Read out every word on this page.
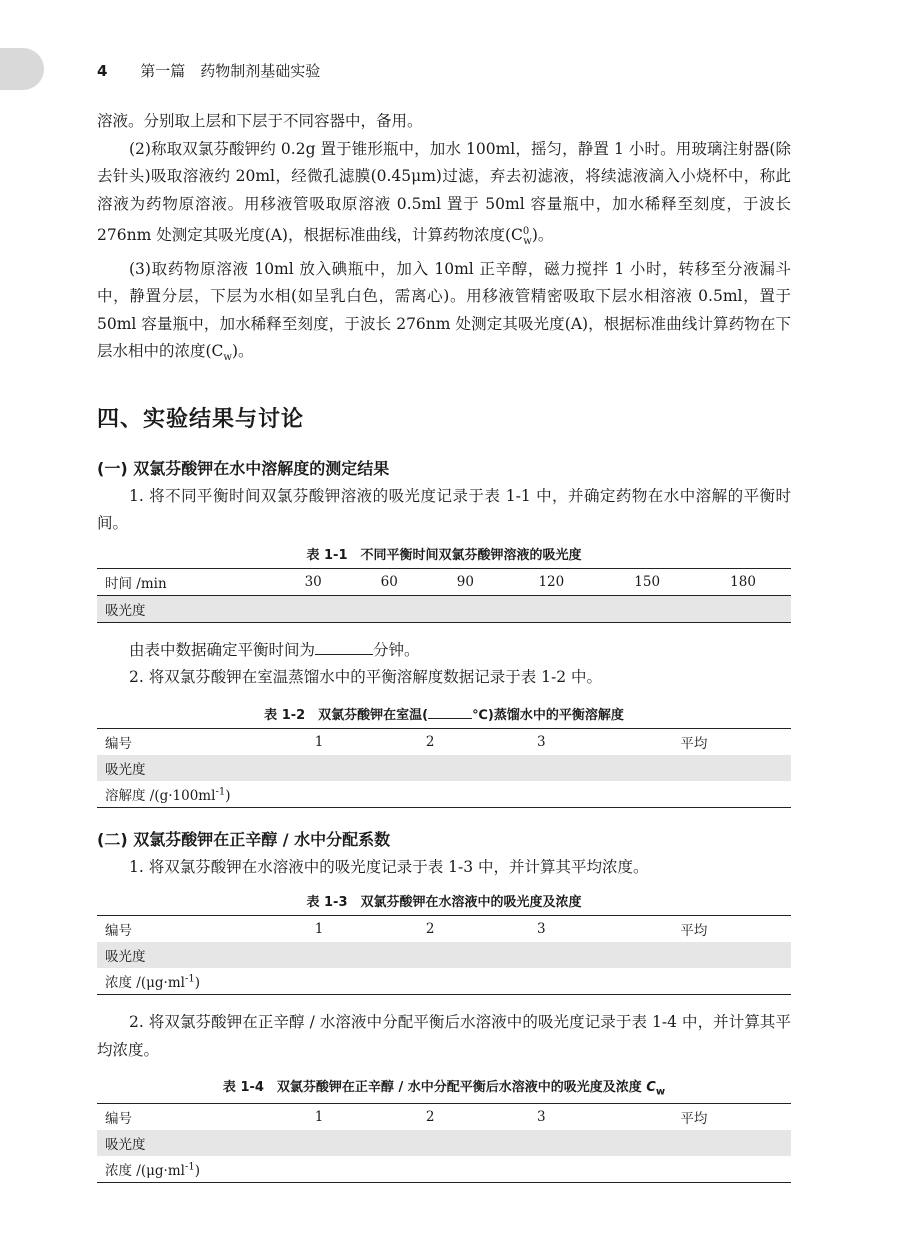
4 第一篇　药物制剂基础实验

溶液。分别取上层和下层于不同容器中，备用。

(2)称取双氯芬酸钾约 0.2g 置于锥形瓶中，加水 100ml，摇匀，静置 1 小时。用玻璃注射器(除去针头)吸取溶液约 20ml，经微孔滤膜(0.45μm)过滤，弃去初滤液，将续滤液滴入小烧杯中，称此溶液为药物原溶液。用移液管吸取原溶液 0.5ml 置于 50ml 容量瓶中，加水稀释至刻度，于波长 276nm 处测定其吸光度(A)，根据标准曲线，计算药物浓度$(C^0_w)$。

(3)取药物原溶液 10ml 放入碘瓶中，加入 10ml 正辛醇，磁力搅拌 1 小时，转移至分液漏斗中，静置分层，下层为水相(如呈乳白色，需离心)。用移液管精密吸取下层水相溶液 0.5ml，置于 50ml 容量瓶中，加水稀释至刻度，于波长 276nm 处测定其吸光度(A)，根据标准曲线计算药物在下层水相中的浓度$(C_w)$。

四、实验结果与讨论
(一) 双氯芬酸钾在水中溶解度的测定结果

1. 将不同平衡时间双氯芬酸钾溶液的吸光度记录于表 1-1 中，并确定药物在水中溶解的平衡时间。

表 1-1　不同平衡时间双氯芬酸钾溶液的吸光度
时间 /min	30	60	90	120	150	180
吸光度						

由表中数据确定平衡时间为	分钟。

2. 将双氯芬酸钾在室温蒸馏水中的平衡溶解度数据记录于表 1-2 中。

表 1-2　双氯芬酸钾在室温(	℃)蒸馏水中的平衡溶解度
编号	1	2	3	平均
吸光度				
溶解度 $/(g\cdot 100ml^{-1})$				
(二) 双氯芬酸钾在正辛醇 / 水中分配系数

1. 将双氯芬酸钾在水溶液中的吸光度记录于表 1-3 中，并计算其平均浓度。

表 1-3　双氯芬酸钾在水溶液中的吸光度及浓度
编号	1	2	3	平均
吸光度				
浓度 $/(\mu g\cdot ml^{-1})$				

2. 将双氯芬酸钾在正辛醇 / 水溶液中分配平衡后水溶液中的吸光度记录于表 1-4 中，并计算其平均浓度。

表 1-4　双氯芬酸钾在正辛醇 / 水中分配平衡后水溶液中的吸光度及浓度 $C_w$
编号	1	2	3	平均
吸光度				
浓度 $/(\mu g\cdot ml^{-1})$				
